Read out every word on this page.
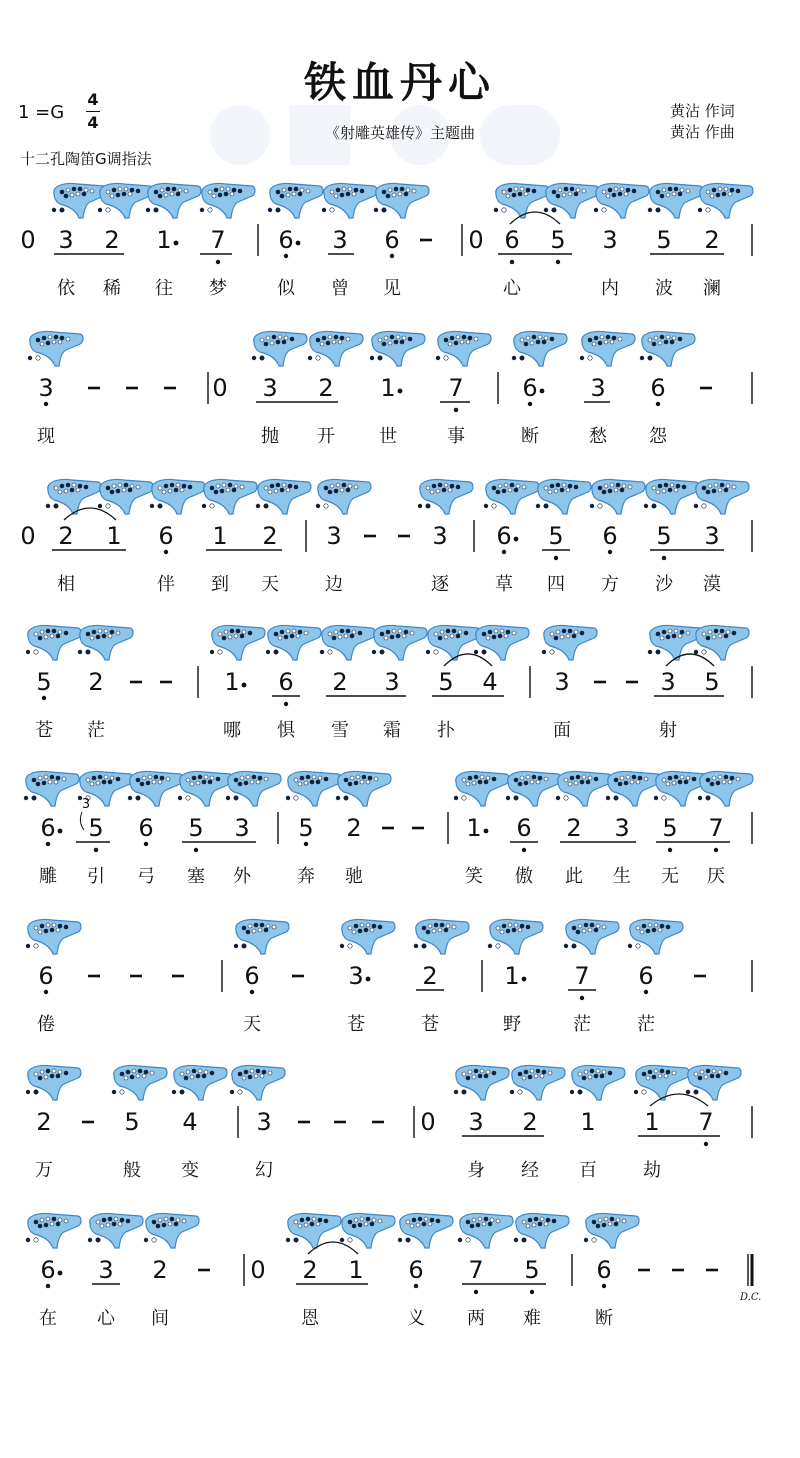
铁血丹心
《射雕英雄传》主题曲
1 =G
4
4
十二孔陶笛G调指法
黄沾 作词
黄沾 作曲
0 3 2 1 7 6 3 6	0 6 5 3 5 2
依 稀 往 梦	似 曾 见	心	内 波 澜
3	0 3 2 1 7 6 3 6
现	抛 开 世	事	断	愁 怨
0 2 1 6 1 2 3	3 6 5 6 5 3
相	伴 到 天	边	逐	草 四 方 沙 漠
5 2	1 6 2 3 5 4 3	3 5
苍 茫	哪 惧 雪 霜 扑	面	射
6 5 6 5 3 5 2	1 6 2 3 5 7
3
雕 引 弓 塞 外	奔 驰	笑 傲 此 生 无 厌
6	6	3 2	1 7 6
倦	天	苍	苍	野	茫	茫
2	5 4 3	0 3 2 1 1 7
万	般 变	幻	身 经 百	劫
6 3 2	0 2 1 6 7 5 6
在 心 间	恩	义 两 难	断
D.C.
